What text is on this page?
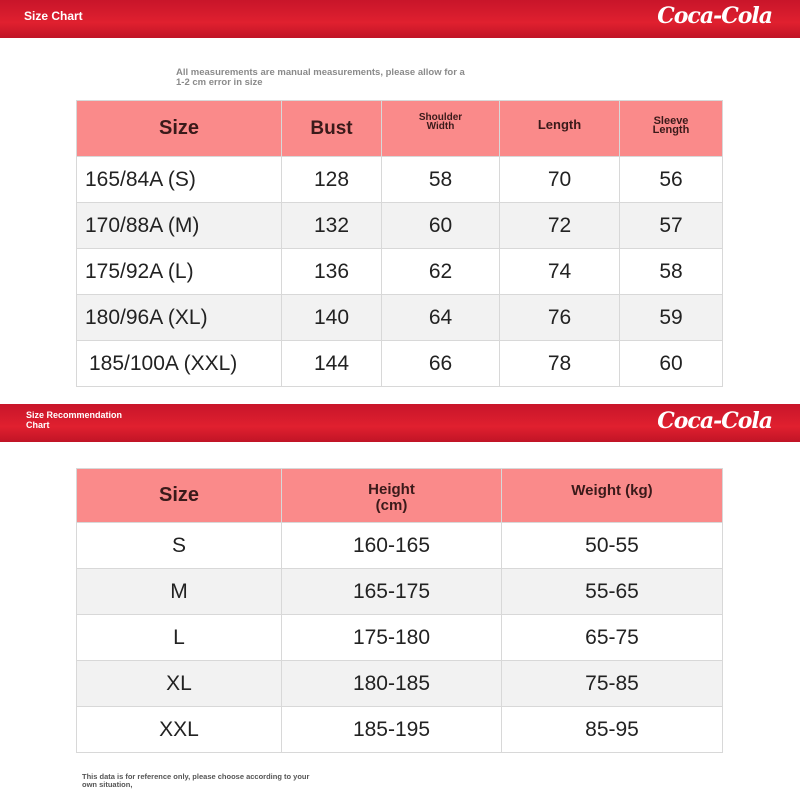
Size Chart	Coca-Cola
All measurements are manual measurements, please allow for a 1-2 cm error in size
Size	Bust	Shoulder Width	Length	Sleeve Length

165/84A (S)	128	58	70	56
170/88A (M)	132	60	72	57
175/92A (L)	136	62	74	58
180/96A (XL)	140	64	76	59
185/100A (XXL)	144	66	78	60
Size Recommendation Chart	Coca-Cola
Size	Height (cm)	Weight (kg)

S	160-165	50-55
M	165-175	55-65
L	175-180	65-75
XL	180-185	75-85
XXL	185-195	85-95
This data is for reference only, please choose according to your own situation,
